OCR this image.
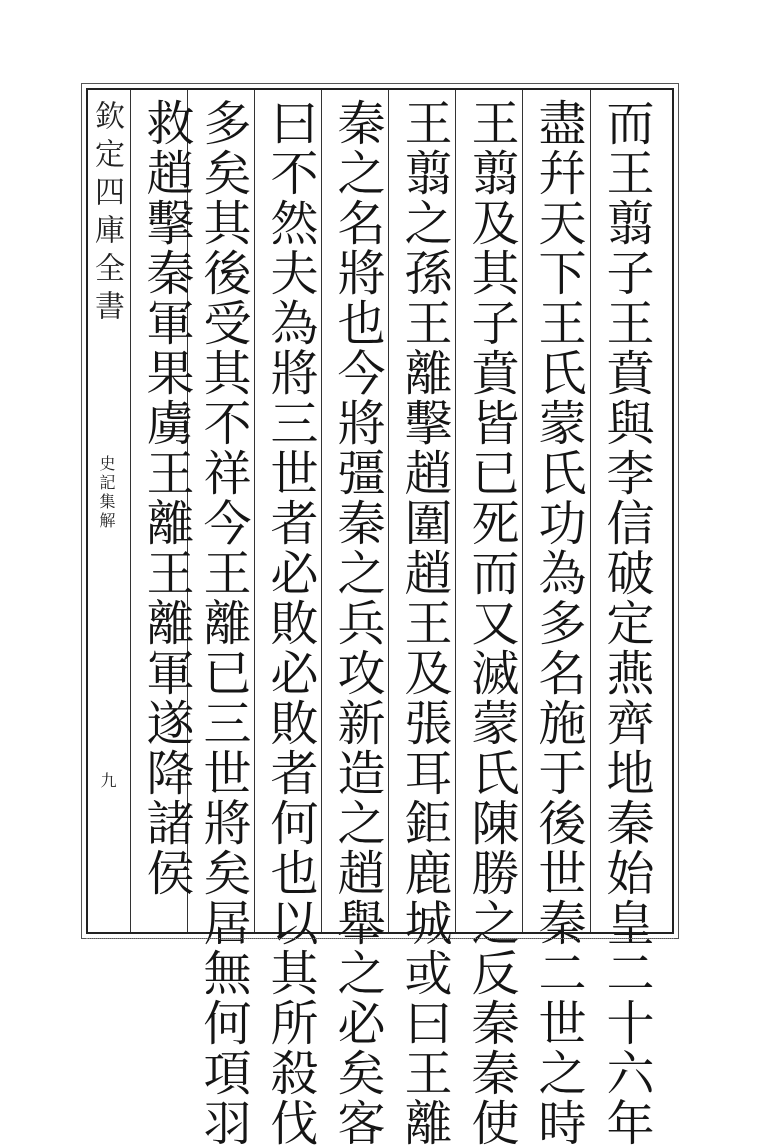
欽定四庫全書
史記集解
九	而王翦子王賁與李信破定燕齊地秦始皇二十六年
盡幷天下王氏蒙氏功為多名施于後世秦二世之時
王翦及其子賁皆已死而又滅蒙氏陳勝之反秦秦使
王翦之孫王離擊趙圍趙王及張耳鉅鹿城或曰王離
秦之名將也今將彊秦之兵攻新造之趙舉之必矣客
曰不然夫為將三世者必敗必敗者何也以其所殺伐
多矣其後受其不祥今王離已三世將矣居無何項羽
救趙擊秦軍果虜王離王離軍遂降諸侯
